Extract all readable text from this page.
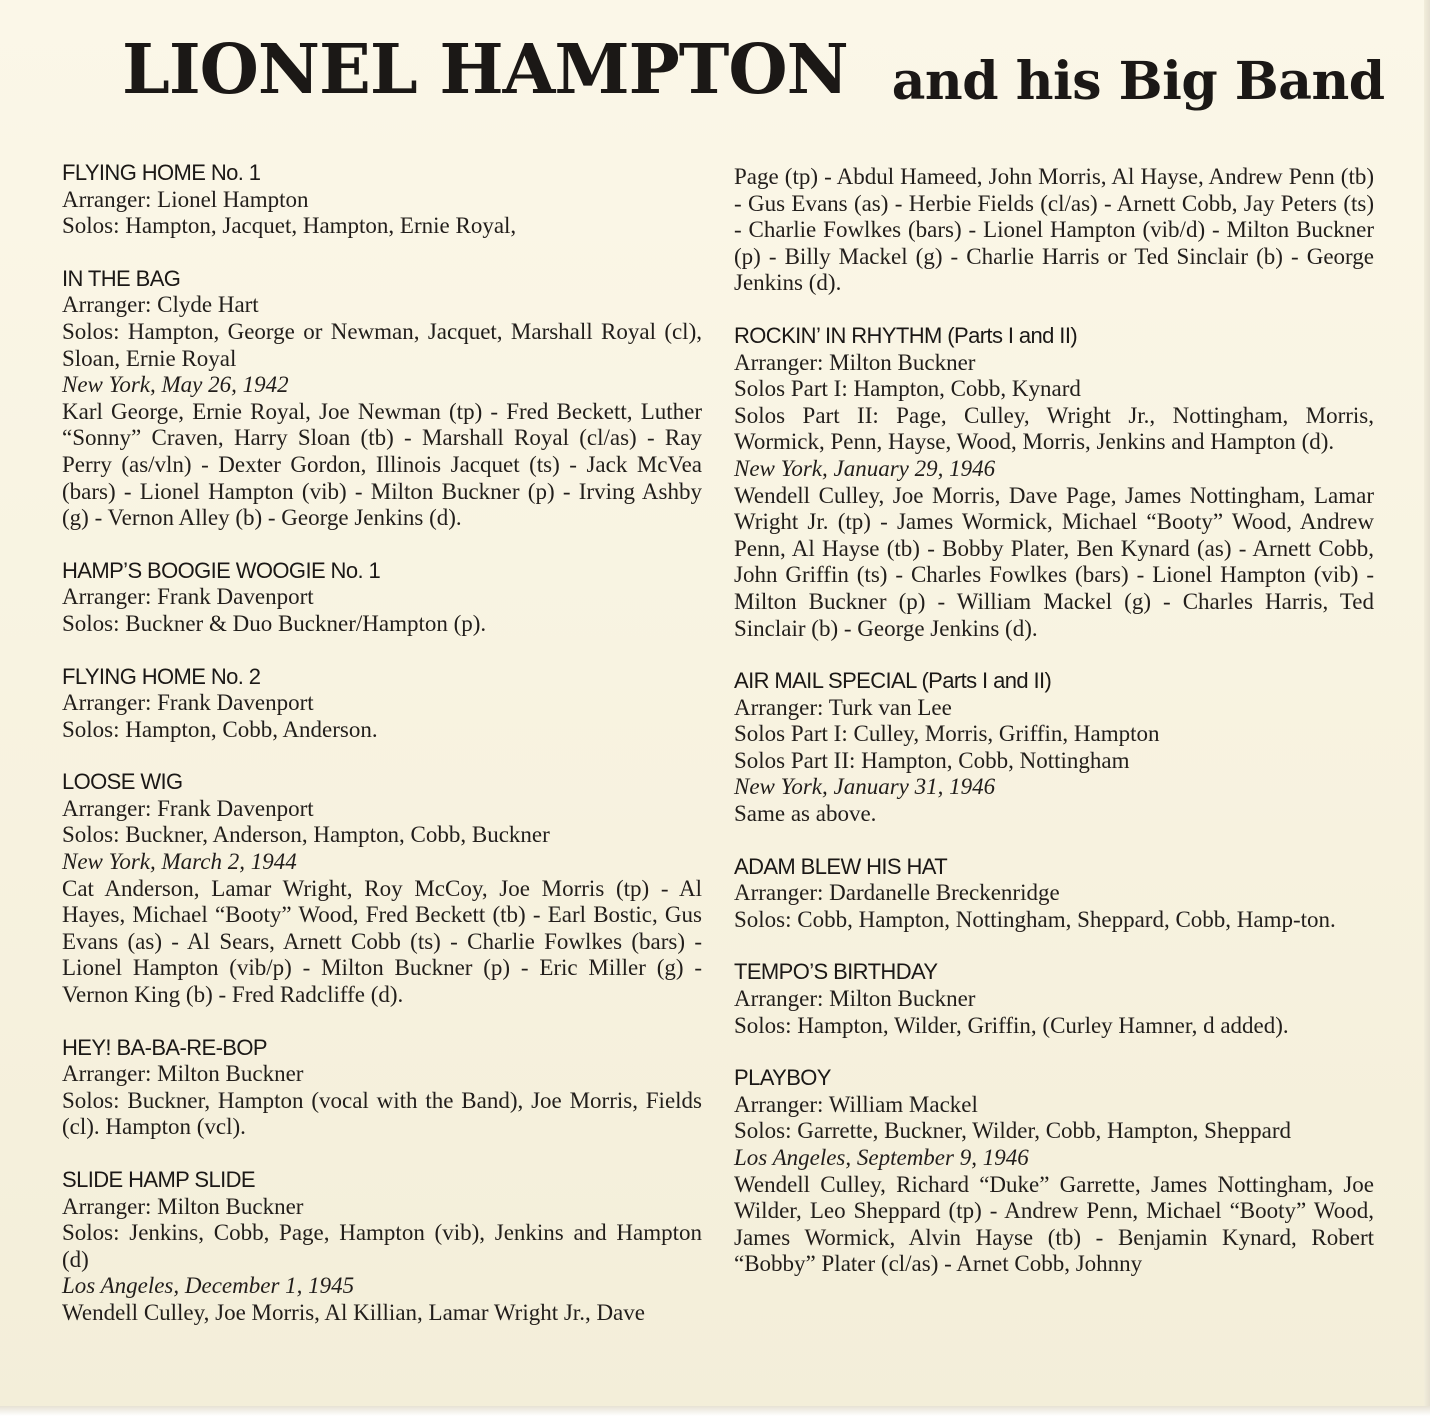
LIONEL HAMPTON and his Big Band
FLYING HOME No. 1
Arranger: Lionel Hampton
Solos: Hampton, Jacquet, Hampton, Ernie Royal,
IN THE BAG
Arranger: Clyde Hart
Solos: Hampton, George or Newman, Jacquet, Marshall Royal (cl), Sloan, Ernie Royal
New York, May 26, 1942
Karl George, Ernie Royal, Joe Newman (tp) - Fred Beckett, Luther “Sonny” Craven, Harry Sloan (tb) - Marshall Royal (cl/as) - Ray Perry (as/vln) - Dexter Gordon, Illinois Jacquet (ts) - Jack McVea (bars) - Lionel Hampton (vib) - Milton Buckner (p) - Irving Ashby (g) - Vernon Alley (b) - George Jenkins (d).
HAMP’S BOOGIE WOOGIE No. 1
Arranger: Frank Davenport
Solos: Buckner & Duo Buckner/Hampton (p).
FLYING HOME No. 2
Arranger: Frank Davenport
Solos: Hampton, Cobb, Anderson.
LOOSE WIG
Arranger: Frank Davenport
Solos: Buckner, Anderson, Hampton, Cobb, Buckner
New York, March 2, 1944
Cat Anderson, Lamar Wright, Roy McCoy, Joe Morris (tp) - Al Hayes, Michael “Booty” Wood, Fred Beckett (tb) - Earl Bostic, Gus Evans (as) - Al Sears, Arnett Cobb (ts) - Charlie Fowlkes (bars) - Lionel Hampton (vib/p) - Milton Buckner (p) - Eric Miller (g) - Vernon King (b) - Fred Radcliffe (d).
HEY! BA-BA-RE-BOP
Arranger: Milton Buckner
Solos: Buckner, Hampton (vocal with the Band), Joe Morris, Fields (cl). Hampton (vcl).
SLIDE HAMP SLIDE
Arranger: Milton Buckner
Solos: Jenkins, Cobb, Page, Hampton (vib), Jenkins and Hampton (d)
Los Angeles, December 1, 1945
Wendell Culley, Joe Morris, Al Killian, Lamar Wright Jr., Dave
Page (tp) - Abdul Hameed, John Morris, Al Hayse, Andrew Penn (tb) - Gus Evans (as) - Herbie Fields (cl/as) - Arnett Cobb, Jay Peters (ts) - Charlie Fowlkes (bars) - Lionel Hampton (vib/d) - Milton Buckner (p) - Billy Mackel (g) - Charlie Harris or Ted Sinclair (b) - George Jenkins (d).
ROCKIN’ IN RHYTHM (Parts I and II)
Arranger: Milton Buckner
Solos Part I: Hampton, Cobb, Kynard
Solos Part II: Page, Culley, Wright Jr., Nottingham, Morris, Wormick, Penn, Hayse, Wood, Morris, Jenkins and Hampton (d).
New York, January 29, 1946
Wendell Culley, Joe Morris, Dave Page, James Nottingham, Lamar Wright Jr. (tp) - James Wormick, Michael “Booty” Wood, Andrew Penn, Al Hayse (tb) - Bobby Plater, Ben Kynard (as) - Arnett Cobb, John Griffin (ts) - Charles Fowlkes (bars) - Lionel Hampton (vib) - Milton Buckner (p) - William Mackel (g) - Charles Harris, Ted Sinclair (b) - George Jenkins (d).
AIR MAIL SPECIAL (Parts I and II)
Arranger: Turk van Lee
Solos Part I: Culley, Morris, Griffin, Hampton
Solos Part II: Hampton, Cobb, Nottingham
New York, January 31, 1946
Same as above.
ADAM BLEW HIS HAT
Arranger: Dardanelle Breckenridge
Solos: Cobb, Hampton, Nottingham, Sheppard, Cobb, Hamp-ton.
TEMPO’S BIRTHDAY
Arranger: Milton Buckner
Solos: Hampton, Wilder, Griffin, (Curley Hamner, d added).
PLAYBOY
Arranger: William Mackel
Solos: Garrette, Buckner, Wilder, Cobb, Hampton, Sheppard
Los Angeles, September 9, 1946
Wendell Culley, Richard “Duke” Garrette, James Nottingham, Joe Wilder, Leo Sheppard (tp) - Andrew Penn, Michael “Booty” Wood, James Wormick, Alvin Hayse (tb) - Benjamin Kynard, Robert “Bobby” Plater (cl/as) - Arnet Cobb, Johnny
